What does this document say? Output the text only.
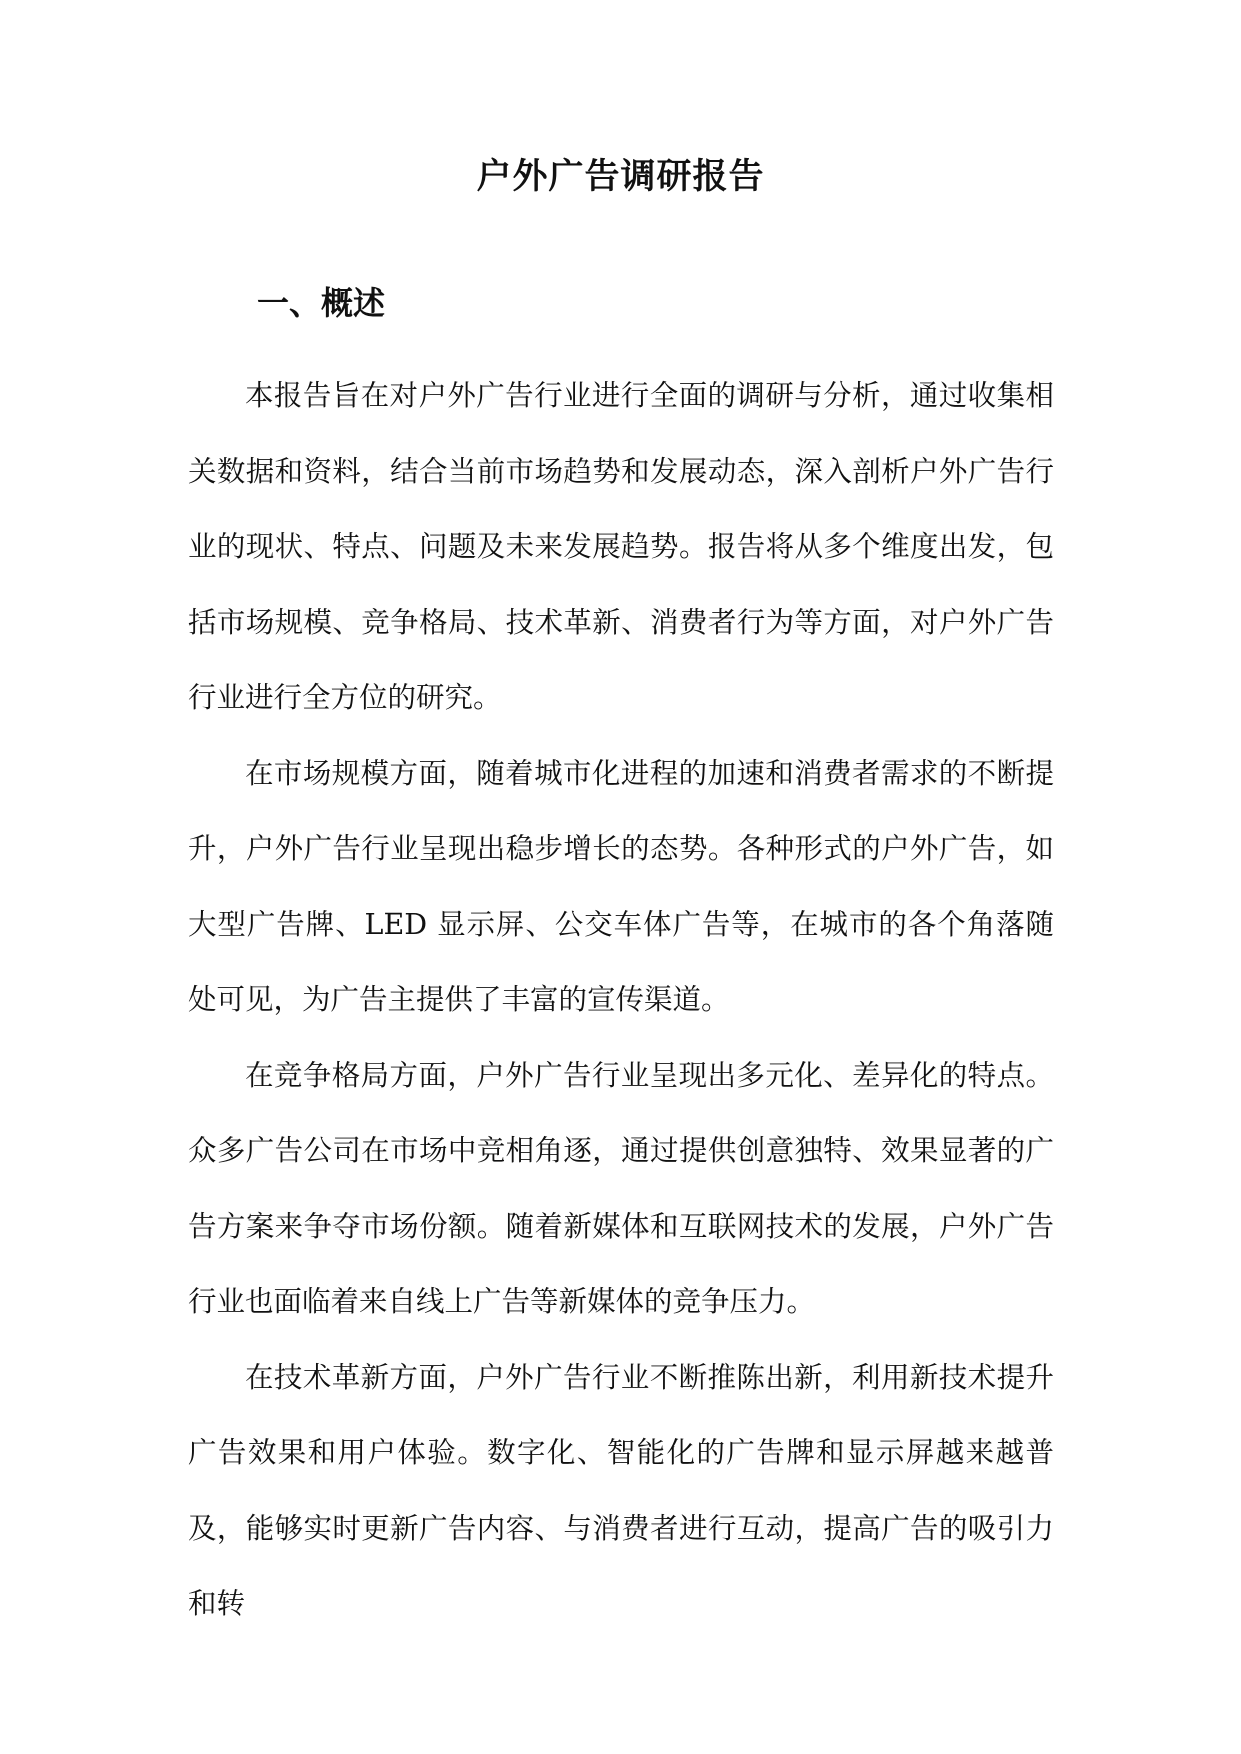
户外广告调研报告
一、概述

本报告旨在对户外广告行业进行全面的调研与分析，通过收集相关数据和资料，结合当前市场趋势和发展动态，深入剖析户外广告行业的现状、特点、问题及未来发展趋势。报告将从多个维度出发，包括市场规模、竞争格局、技术革新、消费者行为等方面，对户外广告行业进行全方位的研究。

在市场规模方面，随着城市化进程的加速和消费者需求的不断提升，户外广告行业呈现出稳步增长的态势。各种形式的户外广告，如大型广告牌、LED 显示屏、公交车体广告等，在城市的各个角落随处可见，为广告主提供了丰富的宣传渠道。

在竞争格局方面，户外广告行业呈现出多元化、差异化的特点。众多广告公司在市场中竞相角逐，通过提供创意独特、效果显著的广告方案来争夺市场份额。随着新媒体和互联网技术的发展，户外广告行业也面临着来自线上广告等新媒体的竞争压力。

在技术革新方面，户外广告行业不断推陈出新，利用新技术提升广告效果和用户体验。数字化、智能化的广告牌和显示屏越来越普及，能够实时更新广告内容、与消费者进行互动，提高广告的吸引力和转
